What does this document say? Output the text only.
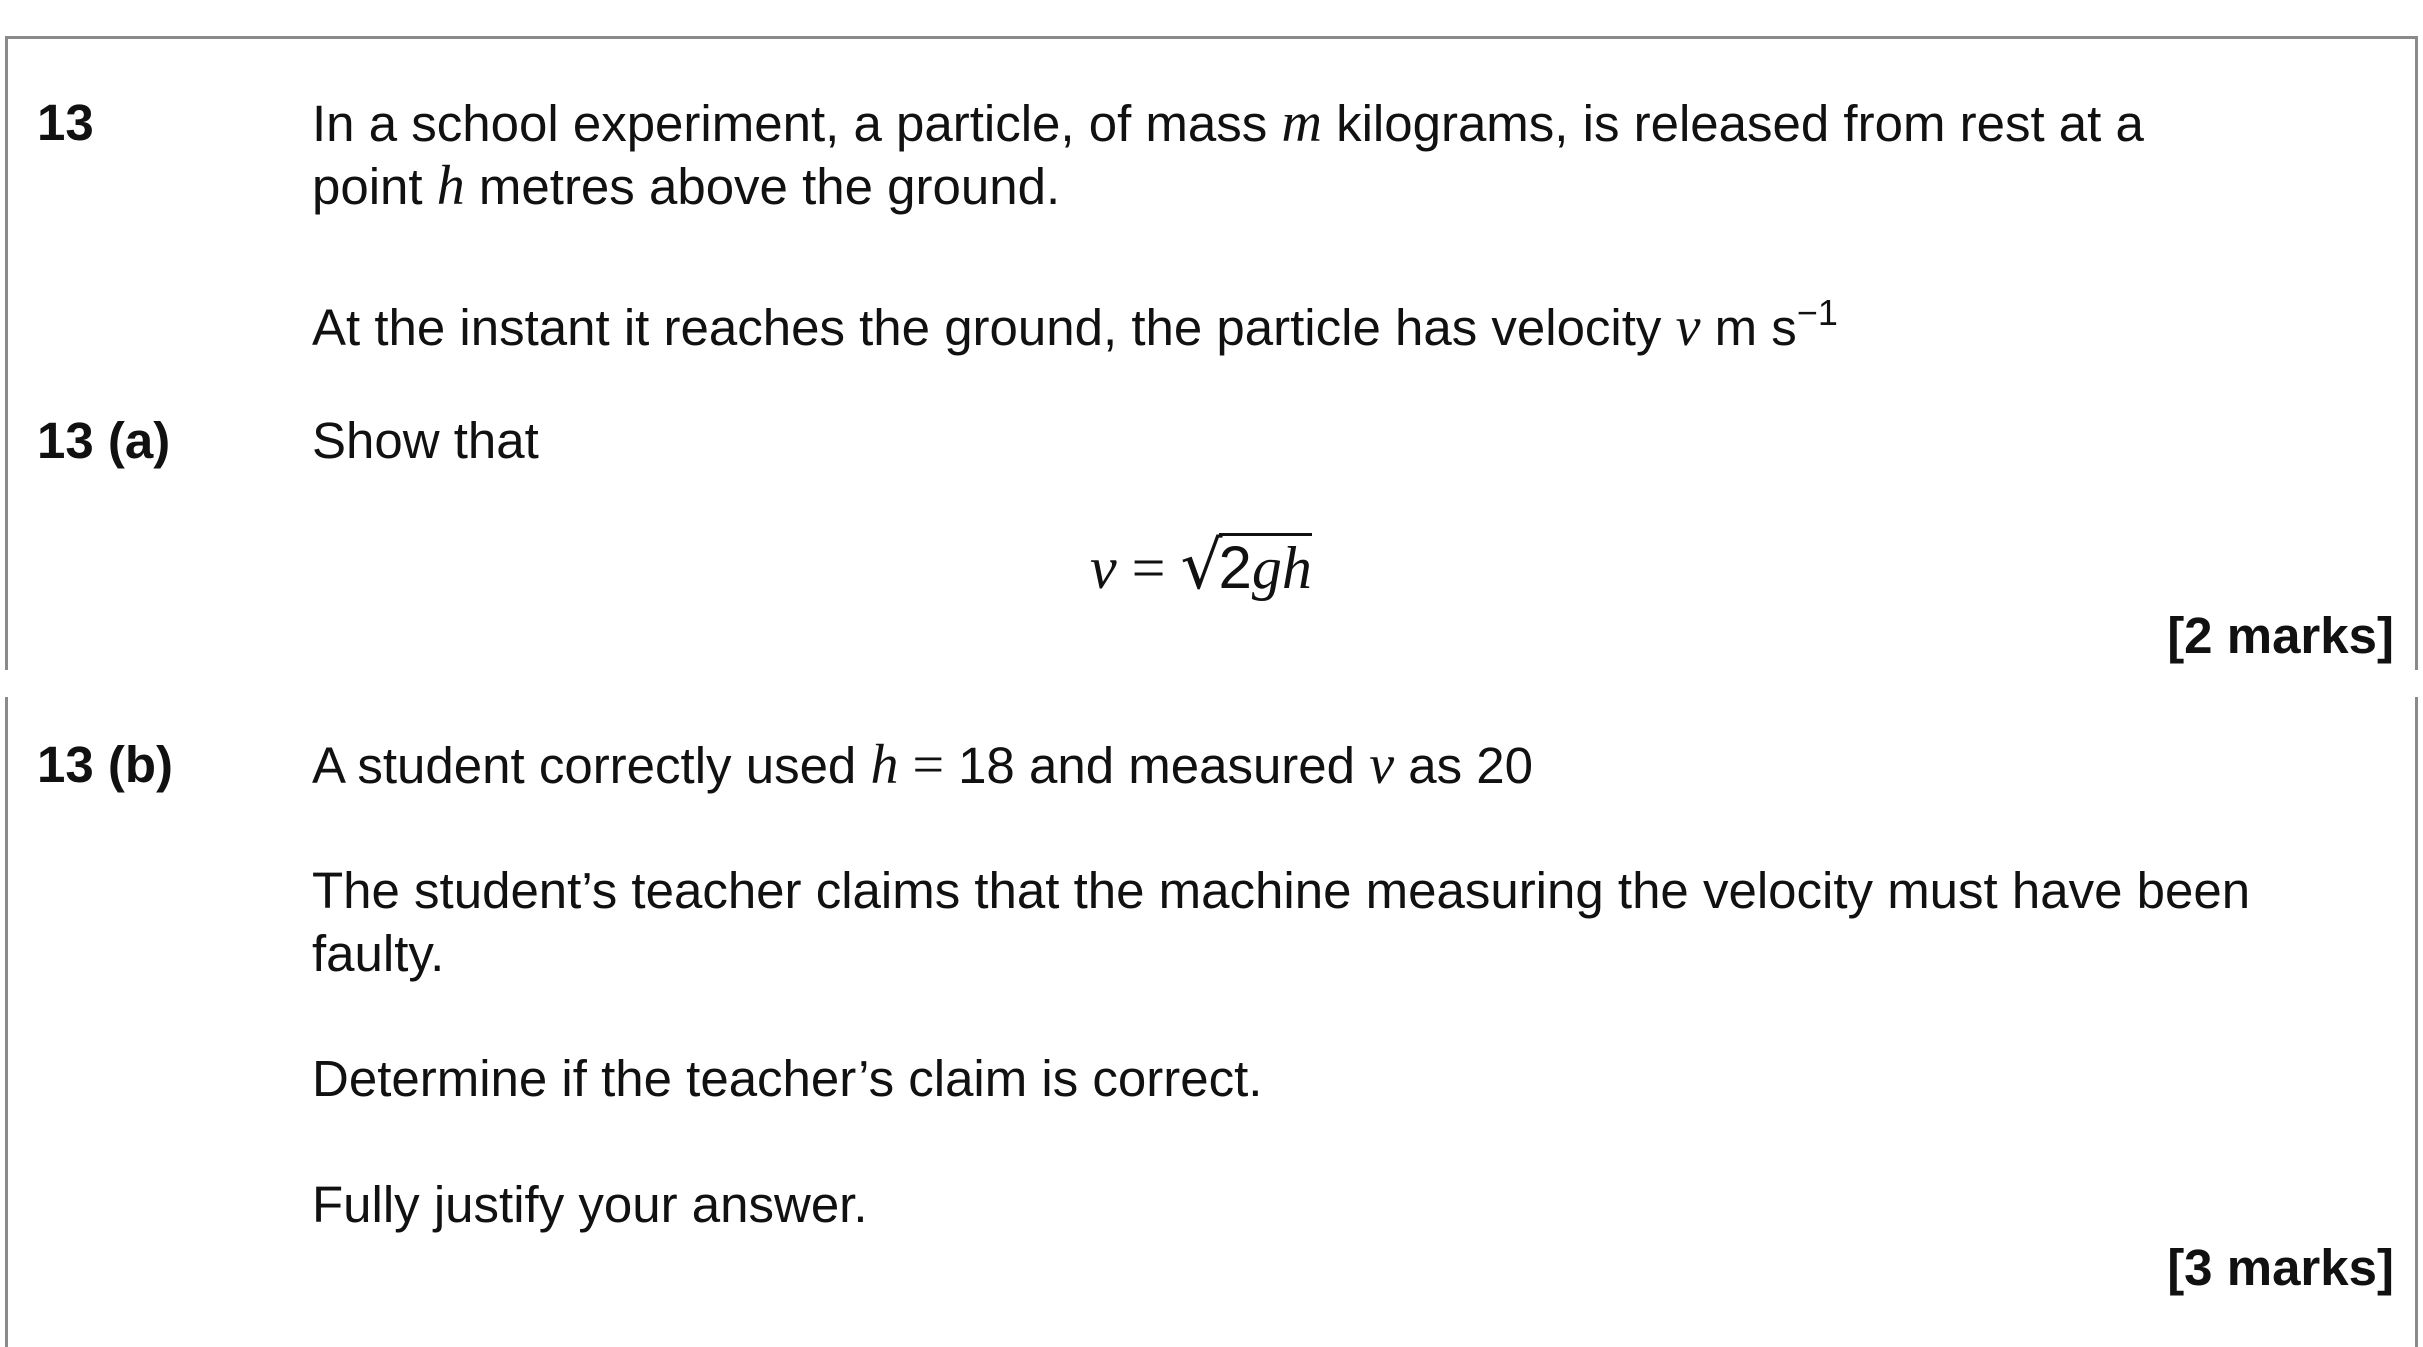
13	In a school experiment, a particle, of mass m kilograms, is released from rest at a
point h metres above the ground.
At the instant it reaches the ground, the particle has velocity v m $s^{-1}$
13 (a)	Show that
v = √2gh
[2 marks]
13 (b)	A student correctly used h = 18 and measured v as 20
The student’s teacher claims that the machine measuring the velocity must have been
faulty.
Determine if the teacher’s claim is correct.
Fully justify your answer.
[3 marks]
